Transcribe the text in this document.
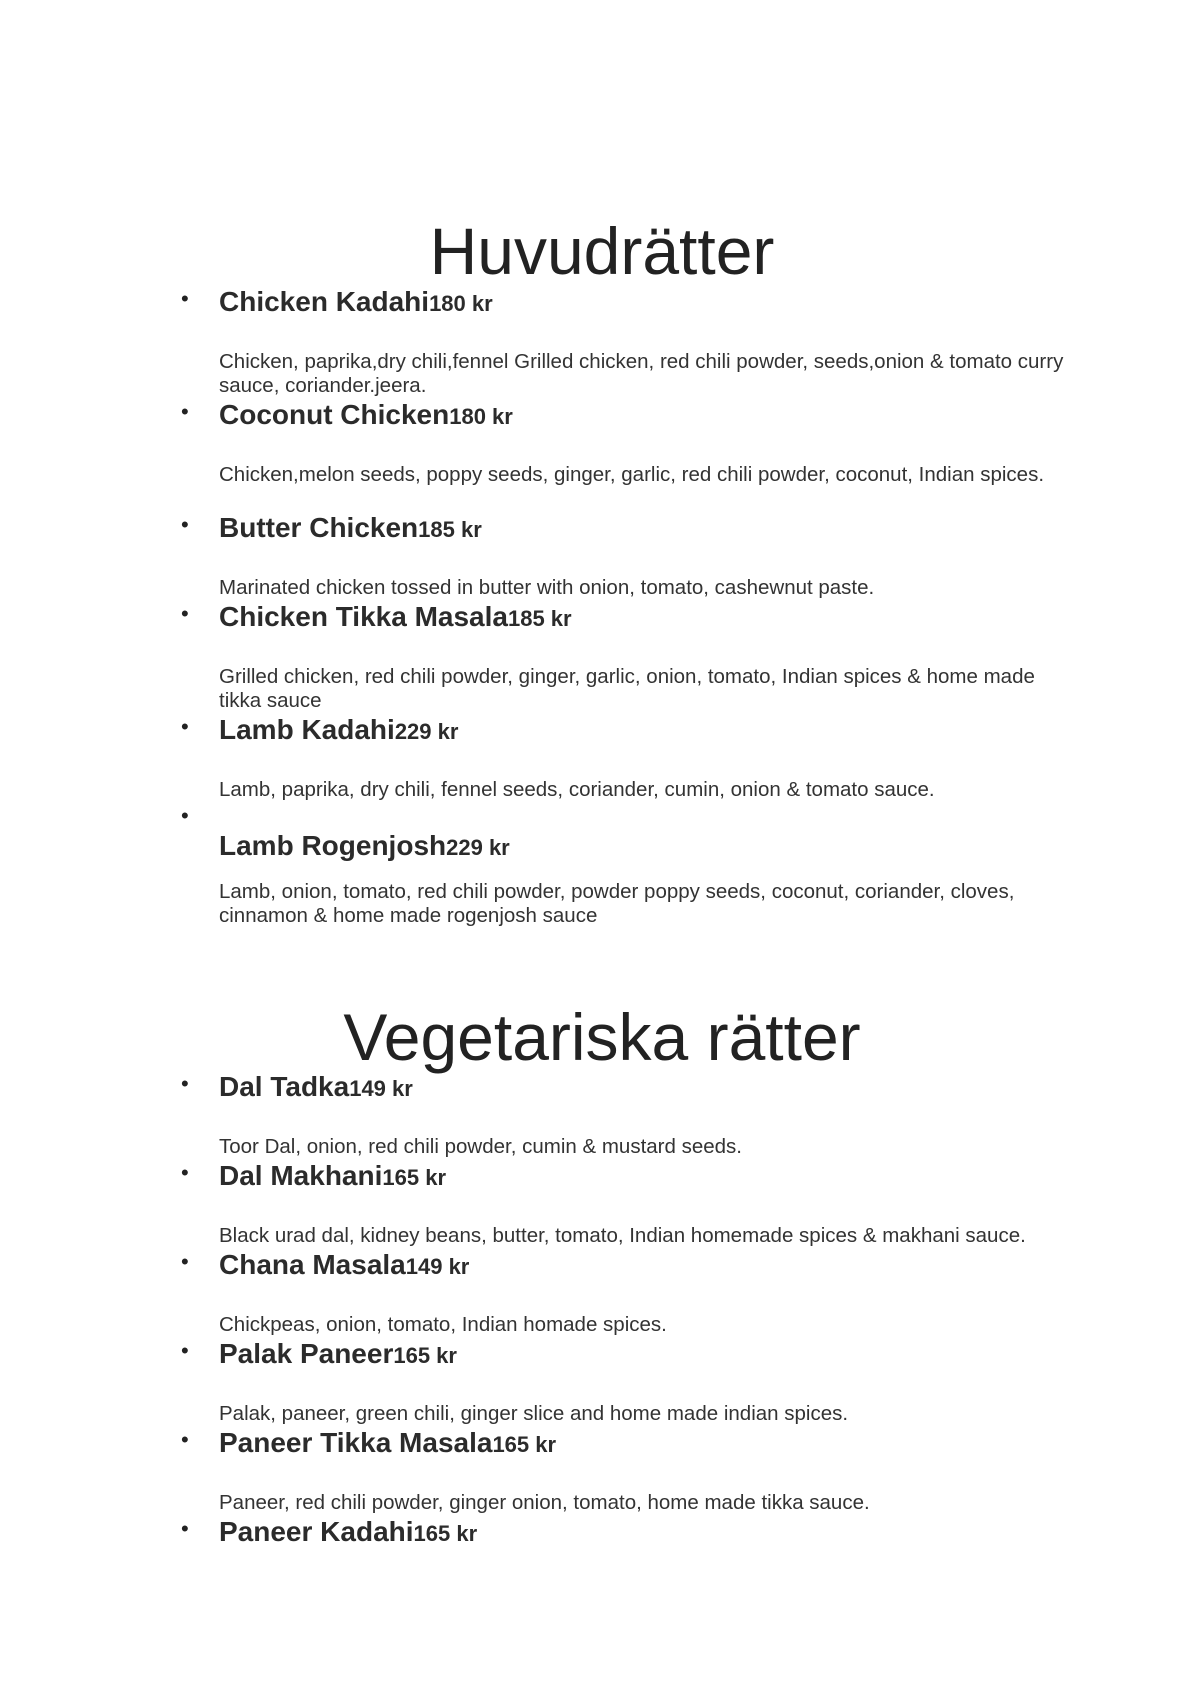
Huvudrätter
• Chicken Kadahi180 kr

Chicken, paprika,dry chili,fennel Grilled chicken, red chili powder, seeds,onion & tomato curry sauce, coriander.jeera.

• Coconut Chicken180 kr

Chicken,melon seeds, poppy seeds, ginger, garlic, red chili powder, coconut, Indian spices.

• Butter Chicken185 kr

Marinated chicken tossed in butter with onion, tomato, cashewnut paste.

• Chicken Tikka Masala185 kr

Grilled chicken, red chili powder, ginger, garlic, onion, tomato, Indian spices & home made tikka sauce

• Lamb Kadahi229 kr

Lamb, paprika, dry chili, fennel seeds, coriander, cumin, onion & tomato sauce.

•
Lamb Rogenjosh229 kr

Lamb, onion, tomato, red chili powder, powder poppy seeds, coconut, coriander, cloves, cinnamon & home made rogenjosh sauce

Vegetariska rätter
• Dal Tadka149 kr

Toor Dal, onion, red chili powder, cumin & mustard seeds.

• Dal Makhani165 kr

Black urad dal, kidney beans, butter, tomato, Indian homemade spices & makhani sauce.

• Chana Masala149 kr

Chickpeas, onion, tomato, Indian homade spices.

• Palak Paneer165 kr

Palak, paneer, green chili, ginger slice and home made indian spices.

• Paneer Tikka Masala165 kr

Paneer, red chili powder, ginger onion, tomato, home made tikka sauce.

• Paneer Kadahi165 kr
